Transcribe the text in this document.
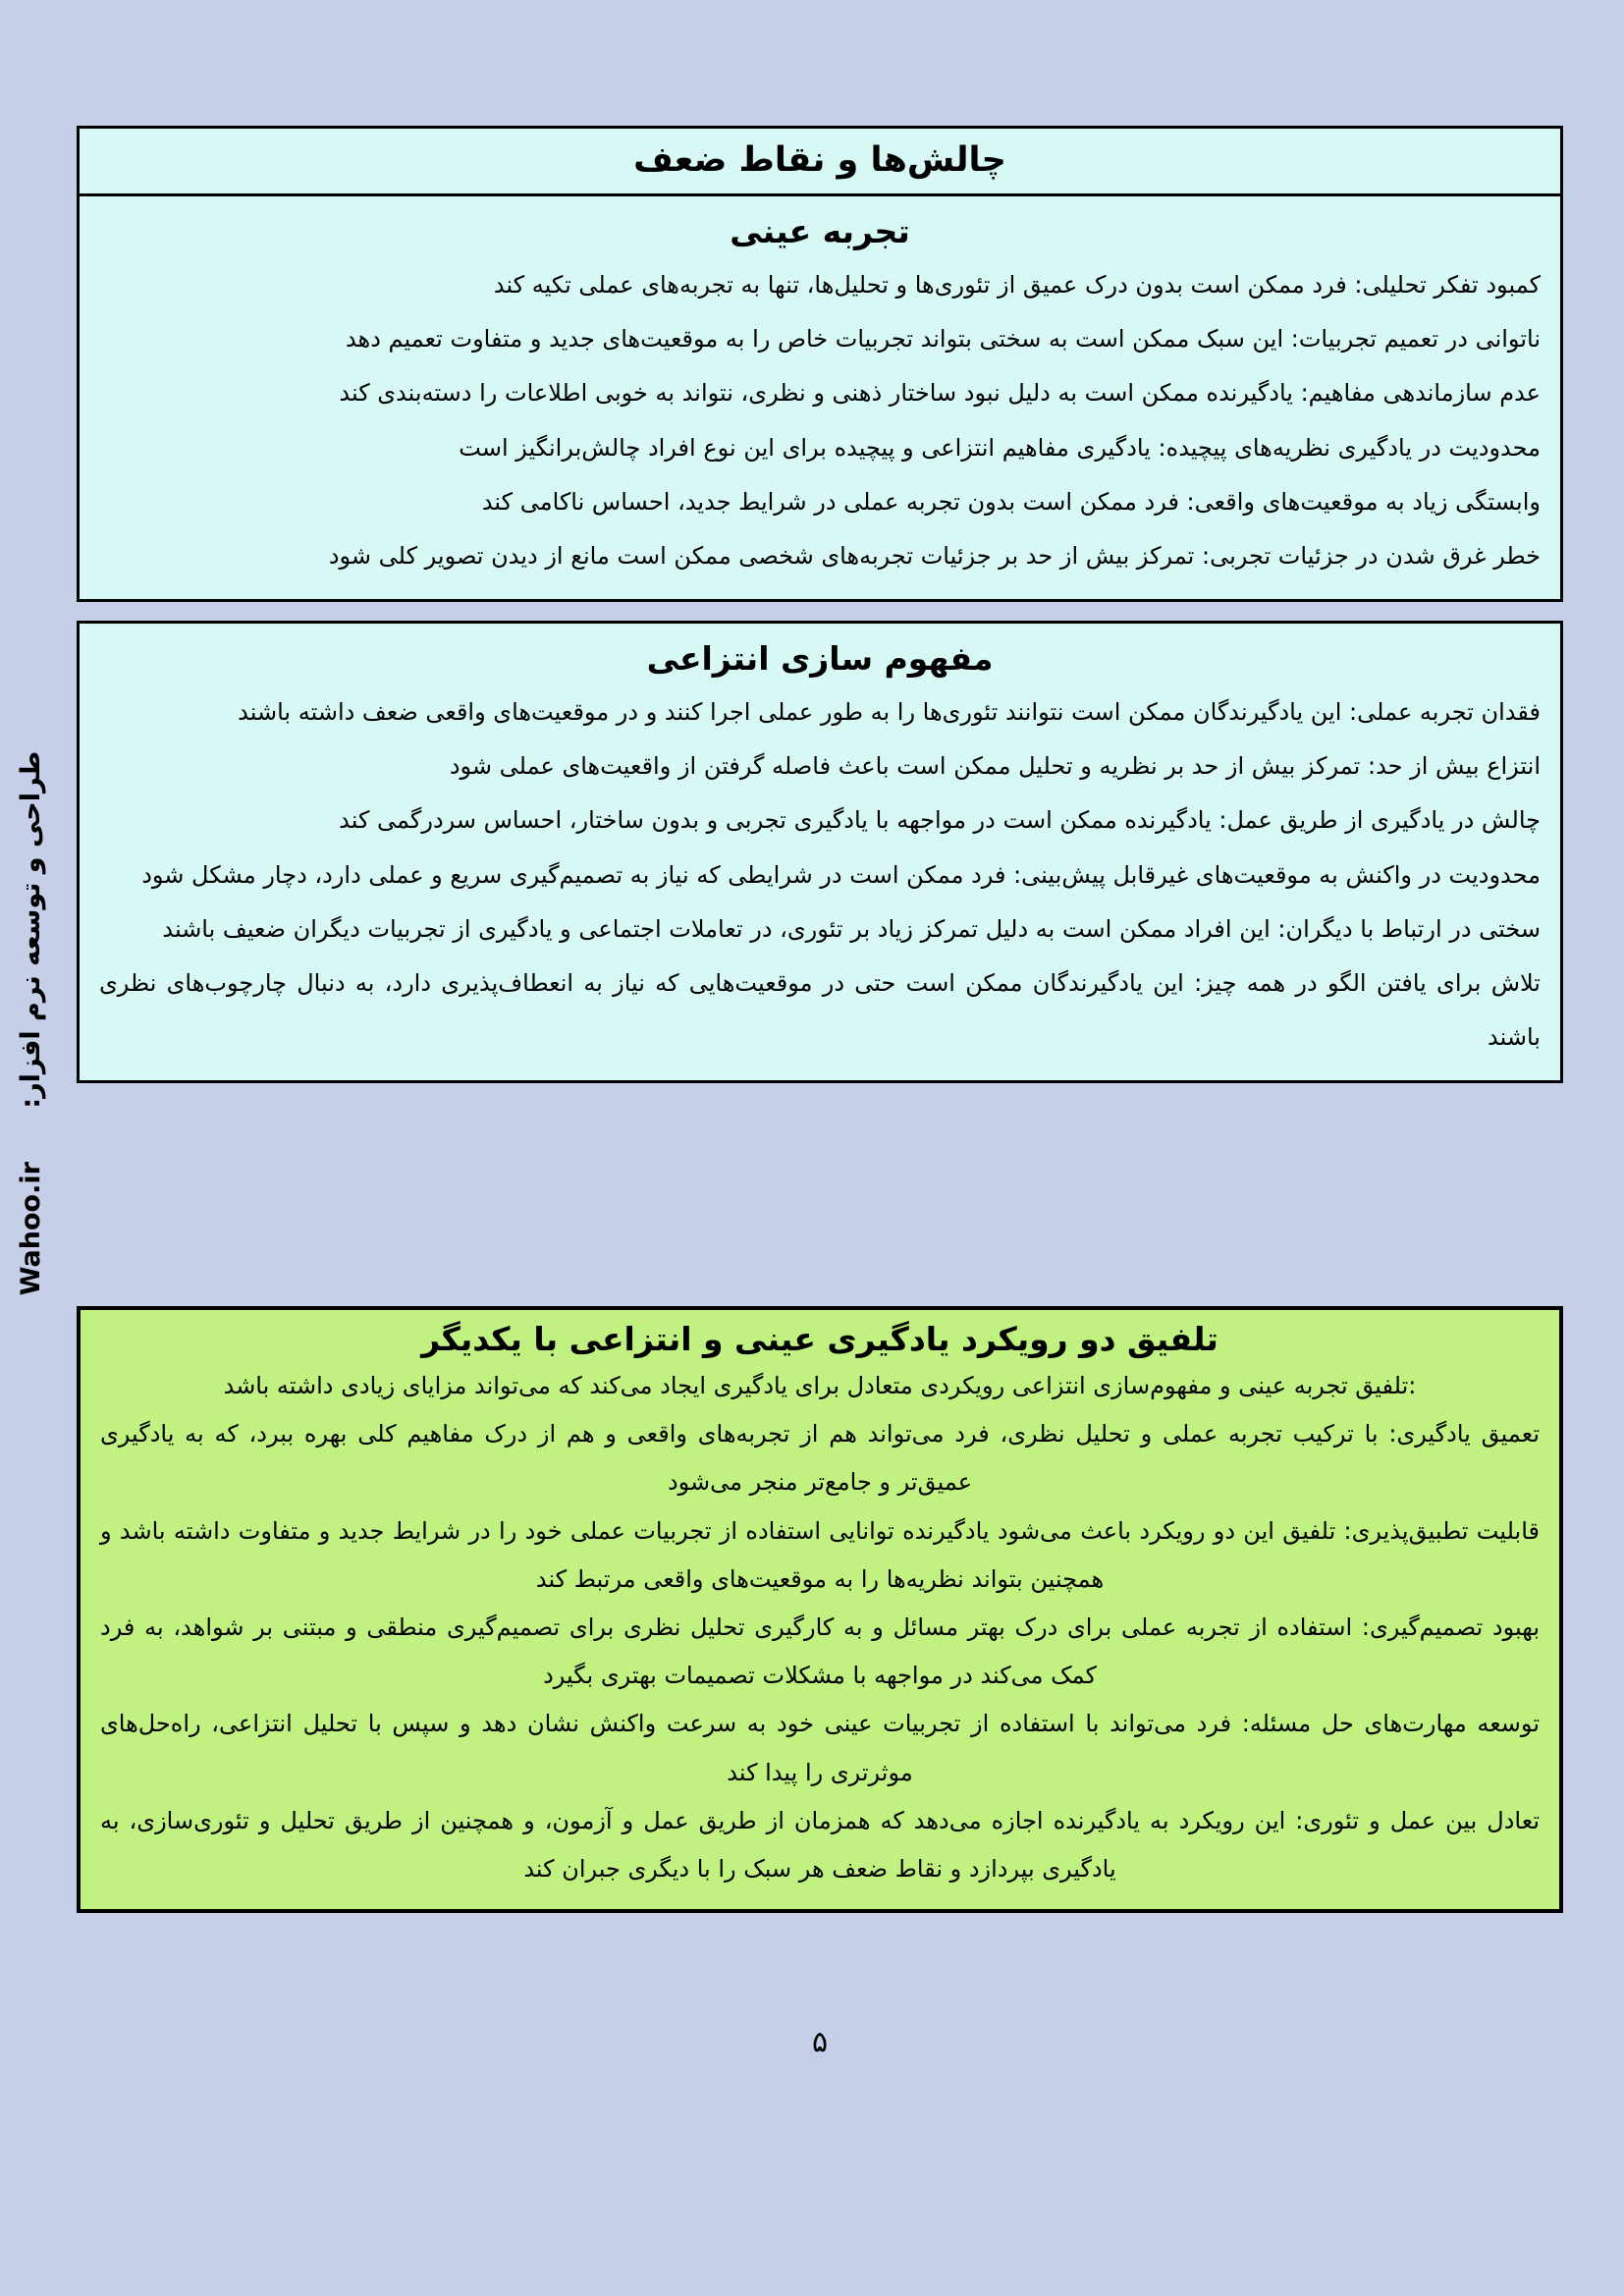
طراحی و توسعه نرم افزار: Wahoo.ir
چالش‌ها و نقاط ضعف
تجربه عینی

کمبود تفکر تحلیلی: فرد ممکن است بدون درک عمیق از تئوری‌ها و تحلیل‌ها، تنها به تجربه‌های عملی تکیه کند

ناتوانی در تعمیم تجربیات: این سبک ممکن است به سختی بتواند تجربیات خاص را به موقعیت‌های جدید و متفاوت تعمیم دهد

عدم سازماندهی مفاهیم: یادگیرنده ممکن است به دلیل نبود ساختار ذهنی و نظری، نتواند به خوبی اطلاعات را دسته‌بندی کند

محدودیت در یادگیری نظریه‌های پیچیده: یادگیری مفاهیم انتزاعی و پیچیده برای این نوع افراد چالش‌برانگیز است

وابستگی زیاد به موقعیت‌های واقعی: فرد ممکن است بدون تجربه عملی در شرایط جدید، احساس ناکامی کند

خطر غرق شدن در جزئیات تجربی: تمرکز بیش از حد بر جزئیات تجربه‌های شخصی ممکن است مانع از دیدن تصویر کلی شود

مفهوم سازی انتزاعی

فقدان تجربه عملی: این یادگیرندگان ممکن است نتوانند تئوری‌ها را به طور عملی اجرا کنند و در موقعیت‌های واقعی ضعف داشته باشند

انتزاع بیش از حد: تمرکز بیش از حد بر نظریه و تحلیل ممکن است باعث فاصله گرفتن از واقعیت‌های عملی شود

چالش در یادگیری از طریق عمل: یادگیرنده ممکن است در مواجهه با یادگیری تجربی و بدون ساختار، احساس سردرگمی کند

محدودیت در واکنش به موقعیت‌های غیرقابل پیش‌بینی: فرد ممکن است در شرایطی که نیاز به تصمیم‌گیری سریع و عملی دارد، دچار مشکل شود

سختی در ارتباط با دیگران: این افراد ممکن است به دلیل تمرکز زیاد بر تئوری، در تعاملات اجتماعی و یادگیری از تجربیات دیگران ضعیف باشند

تلاش برای یافتن الگو در همه چیز: این یادگیرندگان ممکن است حتی در موقعیت‌هایی که نیاز به انعطاف‌پذیری دارد، به دنبال چارچوب‌های نظری باشند

تلفیق دو رویکرد یادگیری عینی و انتزاعی با یکدیگر

:تلفیق تجربه عینی و مفهوم‌سازی انتزاعی رویکردی متعادل برای یادگیری ایجاد می‌کند که می‌تواند مزایای زیادی داشته باشد

تعمیق یادگیری: با ترکیب تجربه عملی و تحلیل نظری، فرد می‌تواند هم از تجربه‌های واقعی و هم از درک مفاهیم کلی بهره ببرد، که به یادگیری عمیق‌تر و جامع‌تر منجر می‌شود

قابلیت تطبیق‌پذیری: تلفیق این دو رویکرد باعث می‌شود یادگیرنده توانایی استفاده از تجربیات عملی خود را در شرایط جدید و متفاوت داشته باشد و همچنین بتواند نظریه‌ها را به موقعیت‌های واقعی مرتبط کند

بهبود تصمیم‌گیری: استفاده از تجربه عملی برای درک بهتر مسائل و به کارگیری تحلیل نظری برای تصمیم‌گیری منطقی و مبتنی بر شواهد، به فرد کمک می‌کند در مواجهه با مشکلات تصمیمات بهتری بگیرد

توسعه مهارت‌های حل مسئله: فرد می‌تواند با استفاده از تجربیات عینی خود به سرعت واکنش نشان دهد و سپس با تحلیل انتزاعی، راه‌حل‌های موثرتری را پیدا کند

تعادل بین عمل و تئوری: این رویکرد به یادگیرنده اجازه می‌دهد که همزمان از طریق عمل و آزمون، و همچنین از طریق تحلیل و تئوری‌سازی، به یادگیری بپردازد و نقاط ضعف هر سبک را با دیگری جبران کند

۵
